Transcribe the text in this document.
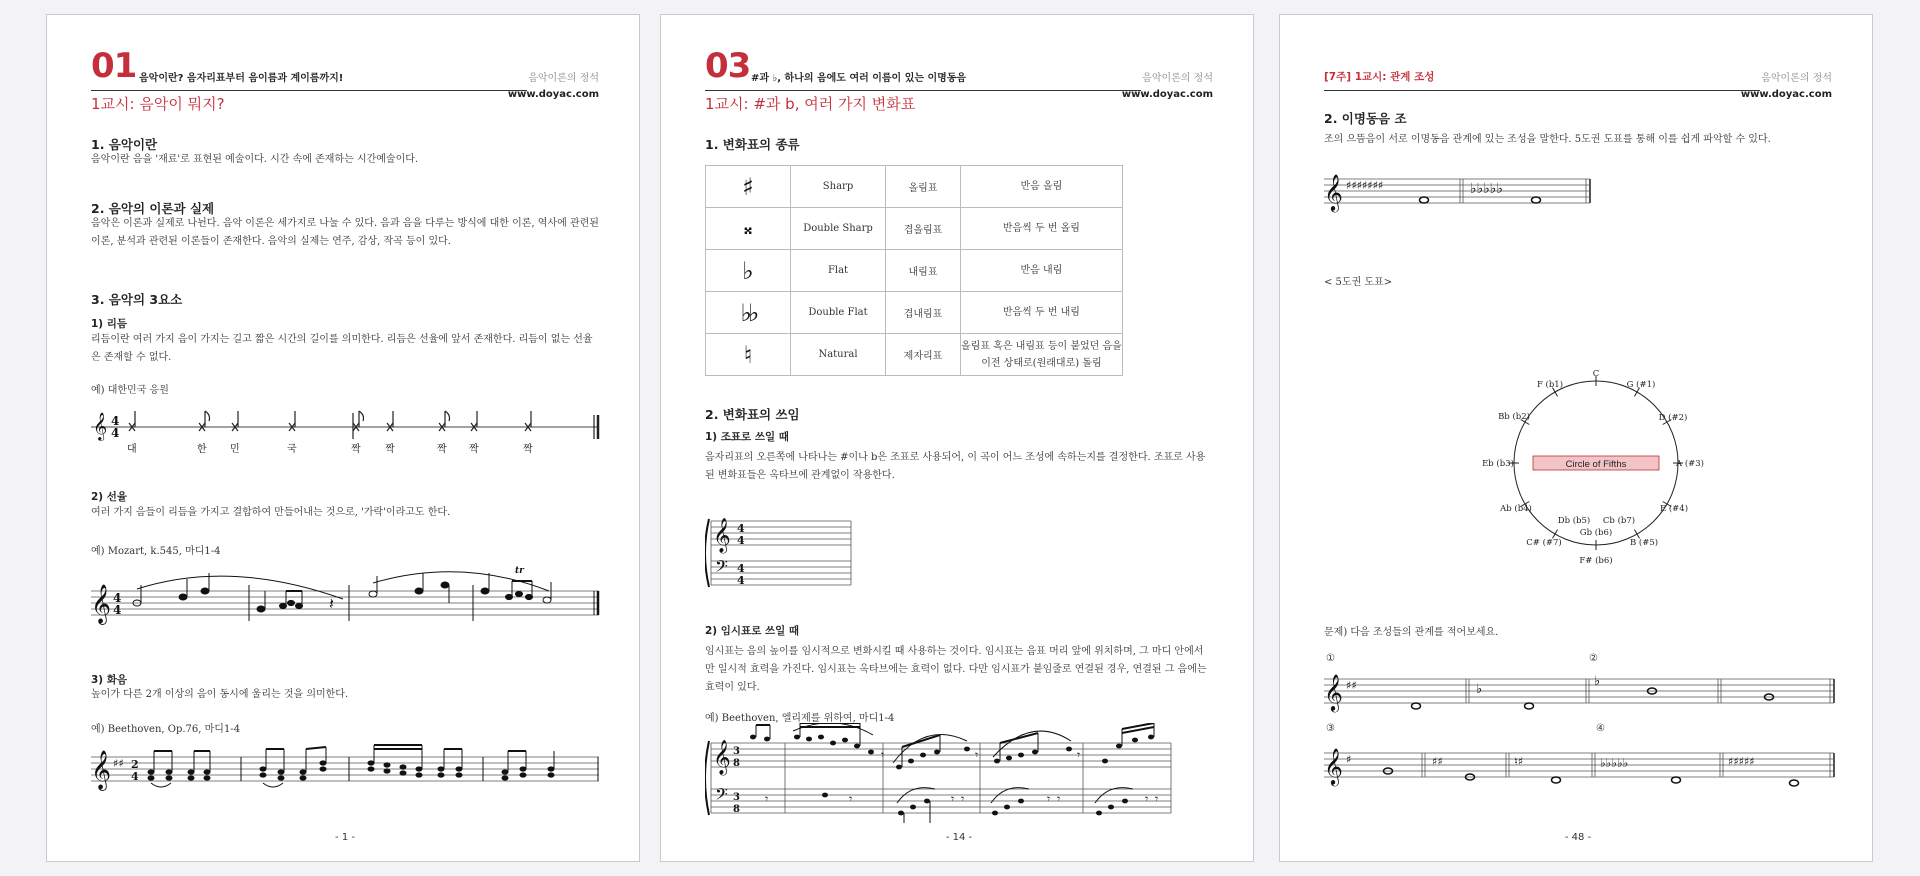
01 음악이란? 음자리표부터 음이름과 계이름까지!	음악이론의 정석
www.doyac.com
1교시: 음악이 뭐지?
1. 음악이란
음악이란 음을 '재료'로 표현된 예술이다. 시간 속에 존재하는 시간예술이다.
2. 음악의 이론과 실제
음악은 이론과 실제로 나뉜다. 음악 이론은 세가지로 나눌 수 있다. 음과 음을 다루는 방식에 대한 이론, 역사에 관련된 이론, 분석과 관련된 이론들이 존재한다. 음악의 실제는 연주, 감상, 작곡 등이 있다.
3. 음악의 3요소
1) 리듬
리듬이란 여러 가지 음이 가지는 길고 짧은 시간의 길이를 의미한다. 리듬은 선율에 앞서 존재한다. 리듬이 없는 선율은 존재할 수 없다.
예) 대한민국 응원
𝄞 4
4
대	한 민	국	짝 짝	짝 짝	짝
2) 선율
여러 가지 음들이 리듬을 가지고 결합하여 만들어내는 것으로, '가락'이라고도 한다.
예) Mozart, k.545, 마디1-4
𝄞 4
4	𝄽
tr
3) 화음
높이가 다른 2개 이상의 음이 동시에 울리는 것을 의미한다.
예) Beethoven, Op.76, 마디1-4
𝄞 ♯♯ 2
4
- 1 -
03 #과 ♭, 하나의 음에도 여러 이름이 있는 이명동음	음악이론의 정석
www.doyac.com
1교시: #과 b, 여러 가지 변화표
1. 변화표의 종류
♯	Sharp	올림표	반음 올림
𝄪	Double Sharp	겹올림표	반음씩 두 번 올림
♭	Flat	내림표	반음 내림
♭♭	Double Flat	겹내림표	반음씩 두 번 내림
♮	Natural	제자리표	올림표 혹은 내림표 등이 붙었던 음을
이전 상태로(원래대로) 돌림
2. 변화표의 쓰임
1) 조표로 쓰일 때
음자리표의 오른쪽에 나타나는 #이나 b은 조표로 사용되어, 이 곡이 어느 조성에 속하는지를 결정한다. 조표로 사용된 변화표들은 옥타브에 관계없이 작용한다.
𝄞
𝄢
4
4
4
4
2) 임시표로 쓰일 때
임시표는 음의 높이를 임시적으로 변화시킬 때 사용하는 것이다. 임시표는 음표 머리 앞에 위치하며, 그 마디 안에서만 일시적 효력을 가진다. 임시표는 옥타브에는 효력이 없다. 다만 임시표가 붙임줄로 연결된 경우, 연결된 그 음에는 효력이 있다.
예) Beethoven, 엘리제를 위하여, 마디1-4
𝄞
𝄢
3
8
3
8
𝄾	𝄾	𝄾 𝄾	𝄾 𝄾	𝄾 𝄾
𝄾	𝄾	𝄾
- 14 -
[7주] 1교시: 관계 조성	음악이론의 정석
www.doyac.com
2. 이명동음 조
조의 으뜸음이 서로 이명동음 관계에 있는 조성을 말한다. 5도권 도표를 통해 이를 쉽게 파악할 수 있다.
𝄞 ♯♯♯♯♯♯♯	♭♭♭♭♭
< 5도권 도표>
Circle of Fifths
C
G (#1)
D (#2)
A (#3)
E (#4)
B (#5)
F# (b6)
Db (b5)
Ab (b4)
Eb (b3)
Bb (b2)
F (b1)
Cb (b7)
Gb (b6)
C# (#7)
문제) 다음 조성들의 관계를 적어보세요.
①	②
𝄞 ♯♯	♭
♭
③	④
𝄞 ♯	♯♯	♮♯	♭♭♭♭♭	♯♯♯♯♯
- 48 -
